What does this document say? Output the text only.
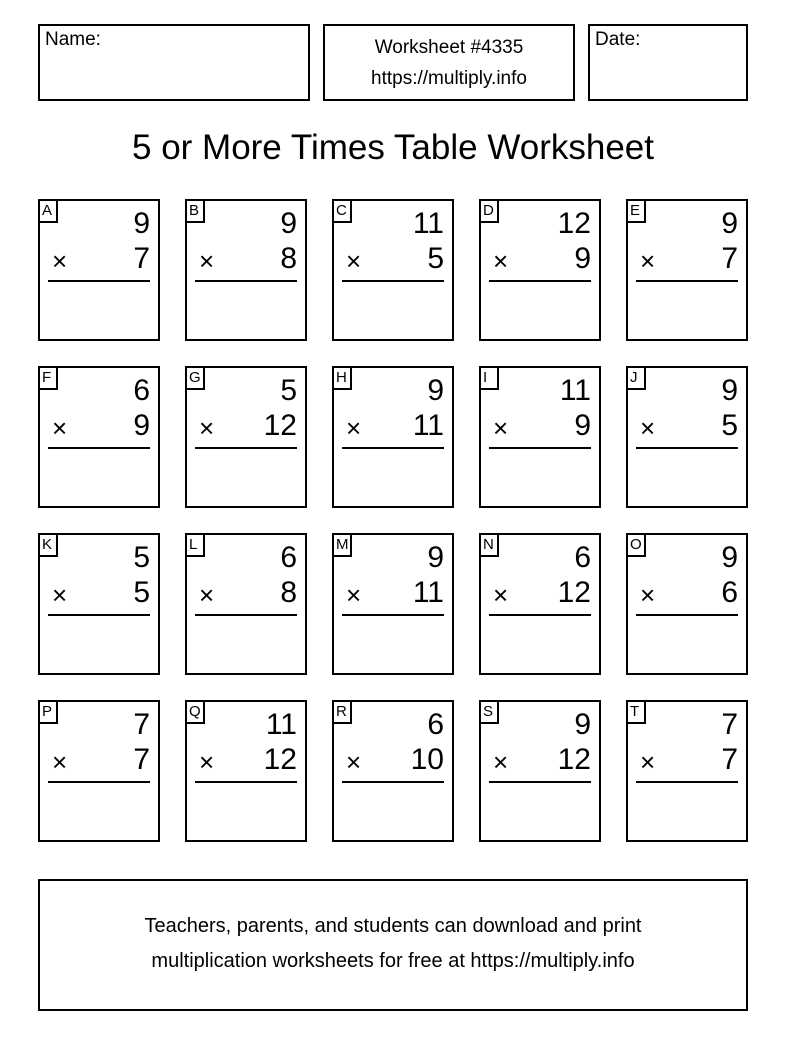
Name:	Worksheet #4335
https://multiply.info
Date:
5 or More Times Table Worksheet
A	9
× 7
B	9
× 8
C 11
× 5
D 12
× 9
E	9
× 7
F	6
× 9
G	5
× 12
H	9
× 11
I	11
× 9
J	9
× 5
K	5
× 5
L	6
× 8
M	9
× 11
N	6
× 12
O	9
× 6
P	7
× 7
Q 11
× 12
R	6
× 10
S	9
× 12
T	7
× 7
Teachers, parents, and students can download and print
multiplication worksheets for free at https://multiply.info
